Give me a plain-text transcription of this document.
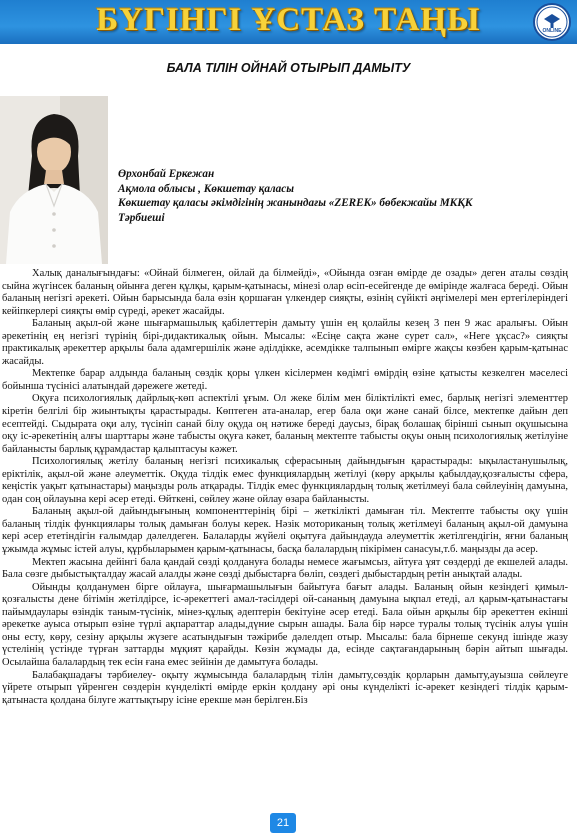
БҮГІНГІ ҰСТАЗ ТАҢЫ	ONLINE
БАЛА ТІЛІН ОЙНАЙ ОТЫРЫП ДАМЫТУ
Өрхонбай Еркежан
Ақмола облысы , Көкшетау қаласы
Көкшетау қаласы әкімдігінің жанындағы «ZEREK» бөбекжайы МКҚК
Тәрбиеші

Халық даналығындағы: «Ойнай білмеген, ойлай да білмейді», «Ойында озған өмірде де озады» деген аталы сөздің сыйна жүгінсек баланың ойынға деген құлқы, қарым-қатынасы, мінезі олар өсіп-есейгенде де өмірінде жалғаса береді. Ойын баланың негізгі әрекеті. Ойын барысында бала өзін қоршаған үлкендер сияқты, өзінің сүйікті әңгімелері мен ертегілеріндегі кейіпкерлері сияқты өмір сүреді, әрекет жасайды.

Баланың ақыл-ой және шығармашылық қабілеттерін дамыту үшін ең қолайлы кезең 3 пен 9 жас аралығы. Ойын әрекетінің ең негізгі түрінің бірі-дидактикалық ойын. Мысалы: «Есіңе сақта және сурет сал», «Неге ұқсас?» сияқты практикалық әрекеттер арқылы бала адамгершілік және әділдікке, әсемдікке талпынып өмірге жақсы көзбен қарым-қатынас жасайды.

Мектепке барар алдында баланың сөздік қоры үлкен кісілермен көдімгі өмірдің өзіне қатысты кезкелген мәселесі бойынша түсінісі алатындай дәрежеге жетеді.

Оқуға психологиялық дайрлық-көп аспектілі ұғым. Ол жеке білім мен біліктілікті емес, барлық негізгі элементтер кіретін белгілі бір жиынтықты қарастырады. Көптеген ата-аналар, егер бала оқи және санай білсе, мектепке дайын деп есептейді. Сыдырата оқи алу, түсініп санай білу оқуда оң нәтиже береді даусыз, бірақ болашақ бірінші сынып оқушысына оқу іс-әрекетінің алғы шарттары және табысты оқуға кәкет, баланың мектепте табысты оқуы оның психологиялық жетілуіне байланысты барлық құрамдастар қалыптасуы кәжет.

Психологиялық жетілу баланың негізгі психикалық сферасының дайындығын қарастырады: ықыластанушылық, еріктілік, ақыл-ой және әлеуметтік. Оқуда тілдік емес функциялардың жетілуі (көру арқылы қабылдау,қозғалысты сфера, кеңістік уақыт қатынастары) маңызды роль атқарады. Тілдік емес функциялардың толық жетілмеуі бала сөйлеуінің дамуына, одан соң ойлауына кері әсер етеді. Өйткені, сөйлеу және ойлау өзара байланысты.

Баланың ақыл-ой дайындығының компоненттерінің бірі – жеткілікті дамыған тіл. Мектепте табысты оқу үшін баланың тілдік функциялары толық дамыған болуы керек. Нәзік моториканың толық жетілмеуі баланың ақыл-ой дамуына кері әсер ететіндігін ғалымдар дәлелдеген. Балаларды жүйелі оқытуға дайындауда әлеуметтік жетілгендігін, яғни баланың ұжымда жұмыс істей алуы, құрбыларымен қарым-қатынасы, басқа балалардың пікірімен санасуы,т.б. маңызды да әсер.

Мектеп жасына дейінгі бала қандай сөзді қолдануға болады немесе жағымсыз, айтуға ұят сөздерді де екшелей алады. Бала сөзге дыбыстықталдау жасай алалды және сөзді дыбыстарға бөліп, сөздегі дыбыстардың ретін анықтай алады.

Ойынды қолданумен бірге ойлауға, шығармашылығын байытуға бағыт алады. Баланың ойын кезіндегі қимыл-қозғалысты дене бітімін жетілдірсе, іс-әрекеттегі амал-тәсілдері ой-сананың дамуына ықпал етеді, ал қарым-қатынастағы пайымдаулары өзіндік таным-түсінік, мінез-құлық әдептерін бекітуіне әсер етеді. Бала ойын арқылы бір әрекеттен екінші әрекетке ауыса отырып өзіне түрлі ақпараттар алады,дүние сырын ашады. Бала бір нәрсе туралы толық түсінік алуы үшін оны есту, көру, сезіну арқылы жүзеге асатындығын тәжірибе дәлелдеп отыр. Мысалы: бала бірнеше секунд ішінде жазу үстелінің үстінде түрған заттарды мұқият қарайды. Көзін жұмады да, есінде сақтағандарының бәрін айтып шығады. Осылайша балалардың тек есін ғана емес зейінін де дамытуға болады.

Балабақшадағы тәрбиелеу- оқыту жұмысында балалардың тілін дамыту,сөздік қорларын дамыту,ауызша сөйлеуге үйрете отырып үйренген сөздерін күнделікті өмірде еркін қолдану әрі оны күнделікті іс-әрекет кезіндегі тілдік қарым-қатынаста қолдана білуге жаттықтыру ісіне ерекше мән берілген.Біз

21
